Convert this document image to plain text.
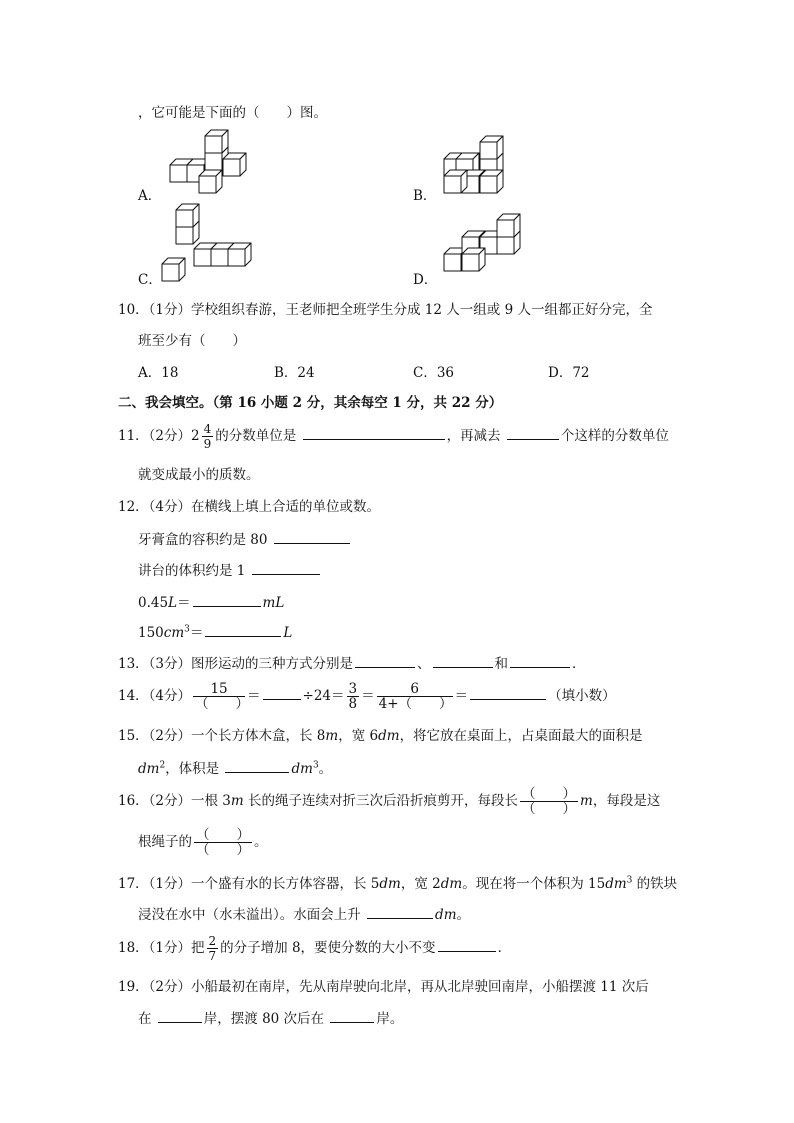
，它可能是下面的（　　）图。
A．	B．
C．	D．
10．（1分）学校组织春游，王老师把全班学生分成 12 人一组或 9 人一组都正好分完，全
班至少有（　　）
A．18	B．24	C．36	D．72
二、我会填空。（第 16 小题 2 分，其余每空 1 分，共 22 分）
11．（2分）$2 \frac{4}{9}$ 的分数单位是	，再减去	个这样的分数单位
就变成最小的质数。
12．（4分）在横线上填上合适的单位或数。
牙膏盒的容积约是 80
讲台的体积约是 1
0.45L＝	mL
$150cm^3=$	L
13．（3分）图形运动的三种方式分别是	、	和	．
14．（4分） $\frac{15}{( )}$ ＝	$\div 24= \frac{3}{8} = \frac{6}{4+( )}$ ＝	（填小数）
15．（2分）一个长方体木盒，长 8m，宽 6dm，将它放在桌面上，占桌面最大的面积是
$dm^2$，体积是	$dm^3$。
16．（2分）一根 3m 长的绳子连续对折三次后沿折痕剪开，每段长 $\frac{( )}{( )}$ m，每段是这
根绳子的 $\frac{( )}{( )}$ 。
17．（1分）一个盛有水的长方体容器，长 5dm，宽 2dm。现在将一个体积为 $15dm^3$ 的铁块
浸没在水中（水未溢出）。水面会上升	dm。
18．（1分）把 $\frac{2}{7}$ 的分子增加 8，要使分数的大小不变	．
19．（2分）小船最初在南岸，先从南岸驶向北岸，再从北岸驶回南岸，小船摆渡 11 次后
在	岸，摆渡 80 次后在	岸。
